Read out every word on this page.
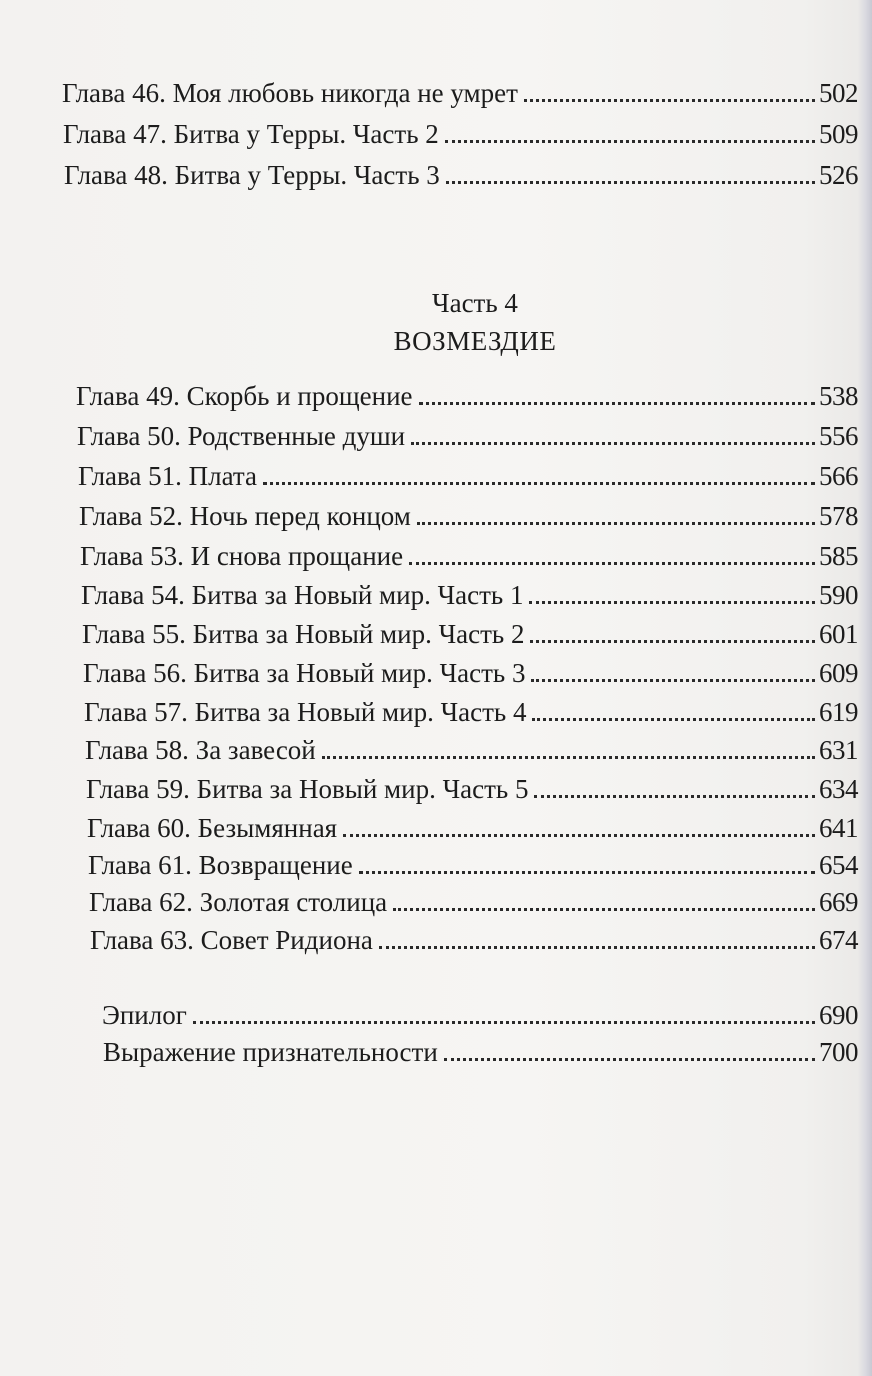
Глава 46. Моя любовь никогда не умрет	502
Глава 47. Битва у Терры. Часть 2	509
Глава 48. Битва у Терры. Часть 3	526
Часть 4
ВОЗМЕЗДИЕ
Глава 49. Скорбь и прощение	538
Глава 50. Родственные души	556
Глава 51. Плата	566
Глава 52. Ночь перед концом	578
Глава 53. И снова прощание	585
Глава 54. Битва за Новый мир. Часть 1	590
Глава 55. Битва за Новый мир. Часть 2	601
Глава 56. Битва за Новый мир. Часть 3	609
Глава 57. Битва за Новый мир. Часть 4	619
Глава 58. За завесой	631
Глава 59. Битва за Новый мир. Часть 5	634
Глава 60. Безымянная	641
Глава 61. Возвращение	654
Глава 62. Золотая столица	669
Глава 63. Совет Ридиона	674
Эпилог	690
Выражение признательности	700
